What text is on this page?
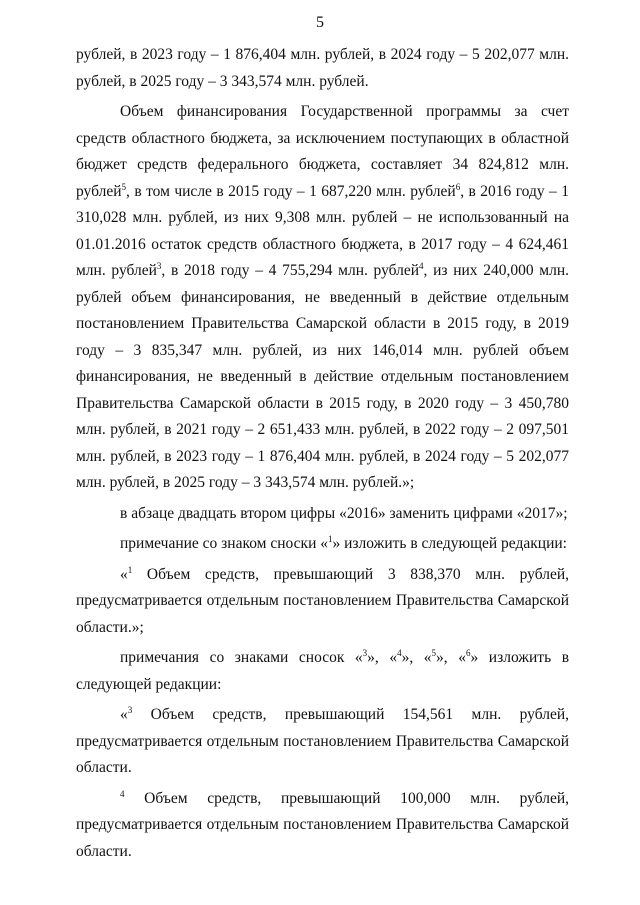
5

рублей, в 2023 году – 1 876,404 млн. рублей, в 2024 году – 5 202,077 млн. рублей, в 2025 году – 3 343,574 млн. рублей.

Объем финансирования Государственной программы за счет средств областного бюджета, за исключением поступающих в областной бюджет средств федерального бюджета, составляет 34 824,812 млн. рублей$^5$, в том числе в 2015 году – 1 687,220 млн. рублей$^6$, в 2016 году – 1 310,028 млн. рублей, из них 9,308 млн. рублей – не использованный на 01.01.2016 остаток средств областного бюджета, в 2017 году – 4 624,461 млн. рублей$^3$, в 2018 году – 4 755,294 млн. рублей$^4$, из них 240,000 млн. рублей объем финансирования, не введенный в действие отдельным постановлением Правительства Самарской области в 2015 году, в 2019 году – 3 835,347 млн. рублей, из них 146,014 млн. рублей объем финансирования, не введенный в действие отдельным постановлением Правительства Самарской области в 2015 году, в 2020 году – 3 450,780 млн. рублей, в 2021 году – 2 651,433 млн. рублей, в 2022 году – 2 097,501 млн. рублей, в 2023 году – 1 876,404 млн. рублей, в 2024 году – 5 202,077 млн. рублей, в 2025 году – 3 343,574 млн. рублей.»;

в абзаце двадцать втором цифры «2016» заменить цифрами «2017»;

примечание со знаком сноски «$^1$» изложить в следующей редакции:

«$^1$ Объем средств, превышающий 3 838,370 млн. рублей, предусматривается отдельным постановлением Правительства Самарской области.»;

примечания со знаками сносок «$^3$», «$^4$», «$^5$», «$^6$» изложить в следующей редакции:

«$^3$ Объем средств, превышающий 154,561 млн. рублей, предусматривается отдельным постановлением Правительства Самарской области.

$^4$ Объем средств, превышающий 100,000 млн. рублей, предусматривается отдельным постановлением Правительства Самарской области.
